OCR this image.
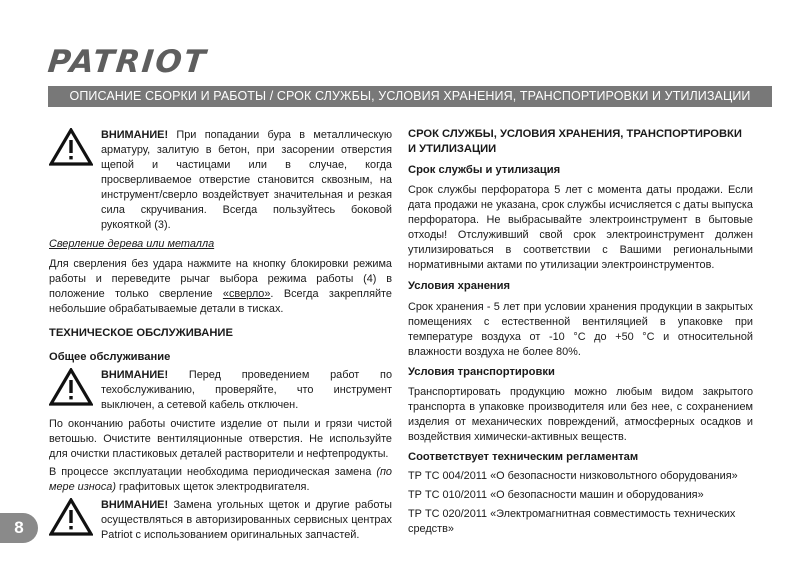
PATRIOT
ОПИСАНИЕ СБОРКИ И РАБОТЫ / СРОК СЛУЖБЫ, УСЛОВИЯ ХРАНЕНИЯ, ТРАНСПОРТИРОВКИ И УТИЛИЗАЦИИ

ВНИМАНИЕ! При попадании бура в металлическую арматуру, залитую в бетон, при засорении отверстия щепой и частицами или в случае, когда просверливаемое отверстие становится сквозным, на инструмент/сверло воздействует значительная и резкая сила скручивания. Всегда пользуйтесь боковой рукояткой (3).

Сверление дерева или металла

Для сверления без удара нажмите на кнопку блокировки режима работы и переведите рычаг выбора режима работы (4) в положение только сверление «сверло». Всегда закрепляйте небольшие обрабатываемые детали в тисках.

ТЕХНИЧЕСКОЕ ОБСЛУЖИВАНИЕ

Общее обслуживание

ВНИМАНИЕ! Перед проведением работ по техобслуживанию, проверяйте, что инструмент выключен, а сетевой кабель отключен.

По окончанию работы очистите изделие от пыли и грязи чистой ветошью. Очистите вентиляционные отверстия. Не используйте для очистки пластиковых деталей растворители и нефтепродукты.

В процессе эксплуатации необходима периодическая замена (по мере износа) графитовых щеток электродвигателя.

ВНИМАНИЕ! Замена угольных щеток и другие работы осуществляться в авторизированных сервисных центрах Patriot с использованием оригинальных запчастей.

СРОК СЛУЖБЫ, УСЛОВИЯ ХРАНЕНИЯ, ТРАНСПОРТИРОВКИ И УТИЛИЗАЦИИ

Срок службы и утилизация

Срок службы перфоратора 5 лет с момента даты продажи. Если дата продажи не указана, срок службы исчисляется с даты выпуска перфоратора. Не выбрасывайте электроинструмент в бытовые отходы! Отслуживший свой срок электроинструмент должен утилизироваться в соответствии с Вашими региональными нормативными актами по утилизации электроинструментов.

Условия хранения

Срок хранения - 5 лет при условии хранения продукции в закрытых помещениях с естественной вентиляцией в упаковке при температуре воздуха от -10 °С до +50 °С и относительной влажности воздуха не более 80%.

Условия транспортировки

Транспортировать продукцию можно любым видом закрытого транспорта в упаковке производителя или без нее, с сохранением изделия от механических повреждений, атмосферных осадков и воздействия химически-активных веществ.

Соответствует техническим регламентам

ТР ТС 004/2011 «О безопасности низковольтного оборудования»

ТР ТС 010/2011 «О безопасности машин и оборудования»

ТР ТС 020/2011 «Электромагнитная совместимость технических средств»

8
